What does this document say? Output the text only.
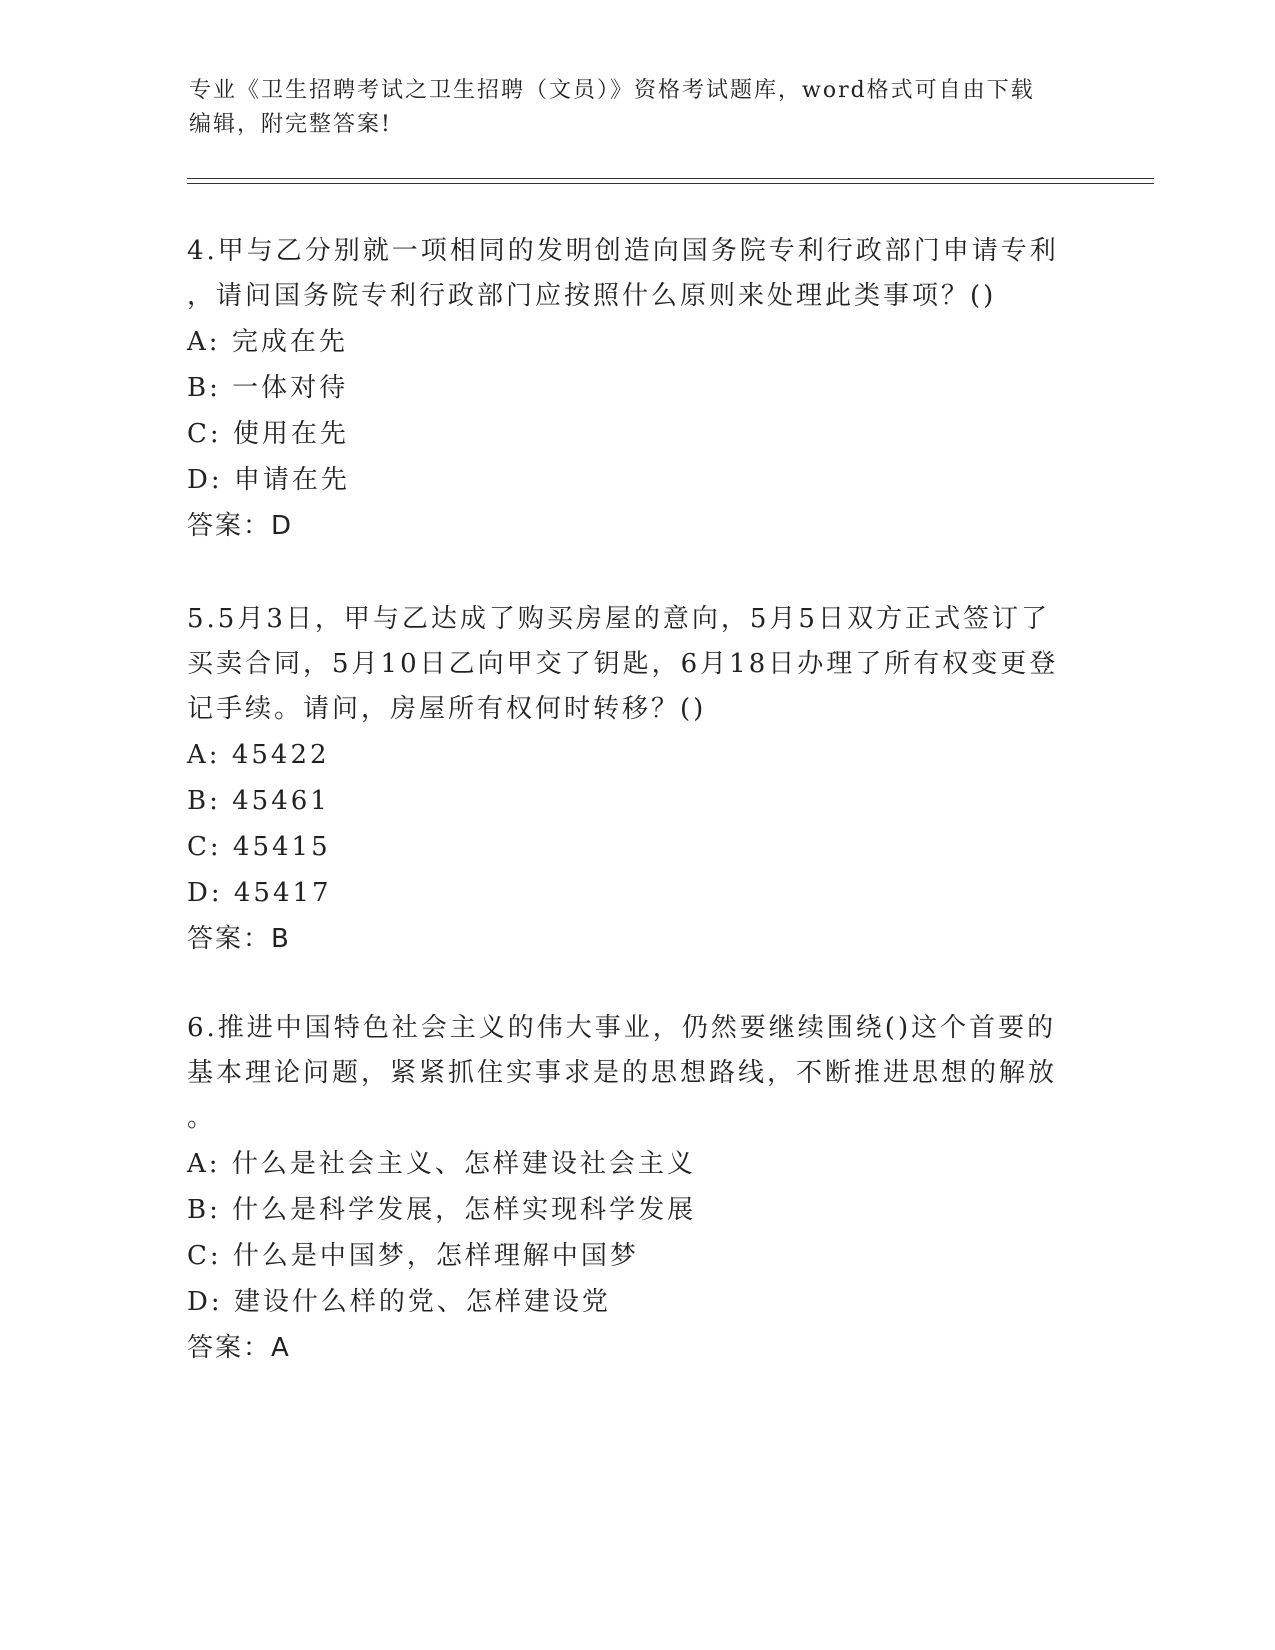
专业《卫生招聘考试之卫生招聘（文员）》资格考试题库，word格式可自由下载
编辑，附完整答案!
4.甲与乙分别就一项相同的发明创造向国务院专利行政部门申请专利
，请问国务院专利行政部门应按照什么原则来处理此类事项？()
A: 完成在先
B: 一体对待
C: 使用在先
D: 申请在先
答案：D
5.5月3日，甲与乙达成了购买房屋的意向，5月5日双方正式签订了
买卖合同，5月10日乙向甲交了钥匙，6月18日办理了所有权变更登
记手续。请问，房屋所有权何时转移？()
A: 45422
B: 45461
C: 45415
D: 45417
答案：B
6.推进中国特色社会主义的伟大事业，仍然要继续围绕()这个首要的
基本理论问题，紧紧抓住实事求是的思想路线，不断推进思想的解放
。
A: 什么是社会主义、怎样建设社会主义
B: 什么是科学发展，怎样实现科学发展
C: 什么是中国梦，怎样理解中国梦
D: 建设什么样的党、怎样建设党
答案：A
